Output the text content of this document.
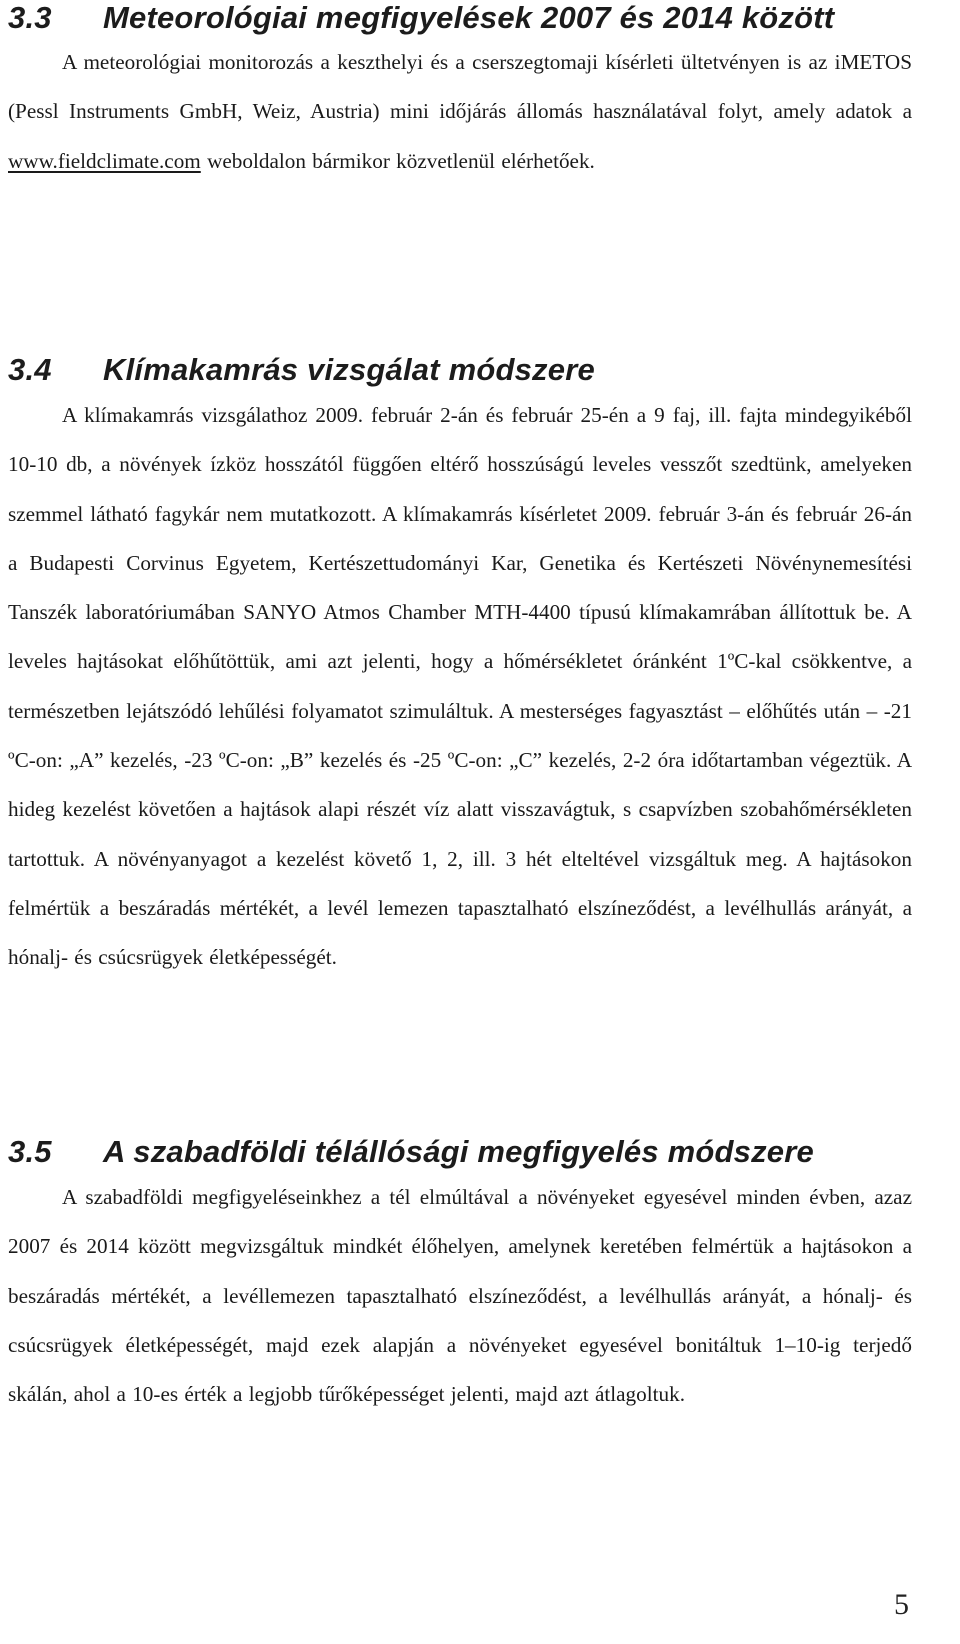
3.3 Meteorológiai megfigyelések 2007 és 2014 között

A meteorológiai monitorozás a keszthelyi és a cserszegtomaji kísérleti ültetvényen is az iMETOS (Pessl Instruments GmbH, Weiz, Austria) mini időjárás állomás használatával folyt, amely adatok a www.fieldclimate.com weboldalon bármikor közvetlenül elérhetőek.

3.4 Klímakamrás vizsgálat módszere

A klímakamrás vizsgálathoz 2009. február 2-án és február 25-én a 9 faj, ill. fajta mindegyikéből 10-10 db, a növények ízköz hosszától függően eltérő hosszúságú leveles vesszőt szedtünk, amelyeken szemmel látható fagykár nem mutatkozott. A klímakamrás kísérletet 2009. február 3-án és február 26-án a Budapesti Corvinus Egyetem, Kertészettudományi Kar, Genetika és Kertészeti Növénynemesítési Tanszék laboratóriumában SANYO Atmos Chamber MTH-4400 típusú klímakamrában állítottuk be. A leveles hajtásokat előhűtöttük, ami azt jelenti, hogy a hőmérsékletet óránként 1ºC-kal csökkentve, a természetben lejátszódó lehűlési folyamatot szimuláltuk. A mesterséges fagyasztást – előhűtés után – -21 ºC-on: „A” kezelés, -23 ºC-on: „B” kezelés és -25 ºC-on: „C” kezelés, 2-2 óra időtartamban végeztük. A hideg kezelést követően a hajtások alapi részét víz alatt visszavágtuk, s csapvízben szobahőmérsékleten tartottuk. A növényanyagot a kezelést követő 1, 2, ill. 3 hét elteltével vizsgáltuk meg. A hajtásokon felmértük a beszáradás mértékét, a levél lemezen tapasztalható elszíneződést, a levélhullás arányát, a hónalj- és csúcsrügyek életképességét.

3.5 A szabadföldi télállósági megfigyelés módszere

A szabadföldi megfigyeléseinkhez a tél elmúltával a növényeket egyesével minden évben, azaz 2007 és 2014 között megvizsgáltuk mindkét élőhelyen, amelynek keretében felmértük a hajtásokon a beszáradás mértékét, a levéllemezen tapasztalható elszíneződést, a levélhullás arányát, a hónalj- és csúcsrügyek életképességét, majd ezek alapján a növényeket egyesével bonitáltuk 1–10-ig terjedő skálán, ahol a 10-es érték a legjobb tűrőképességet jelenti, majd azt átlagoltuk.

5
